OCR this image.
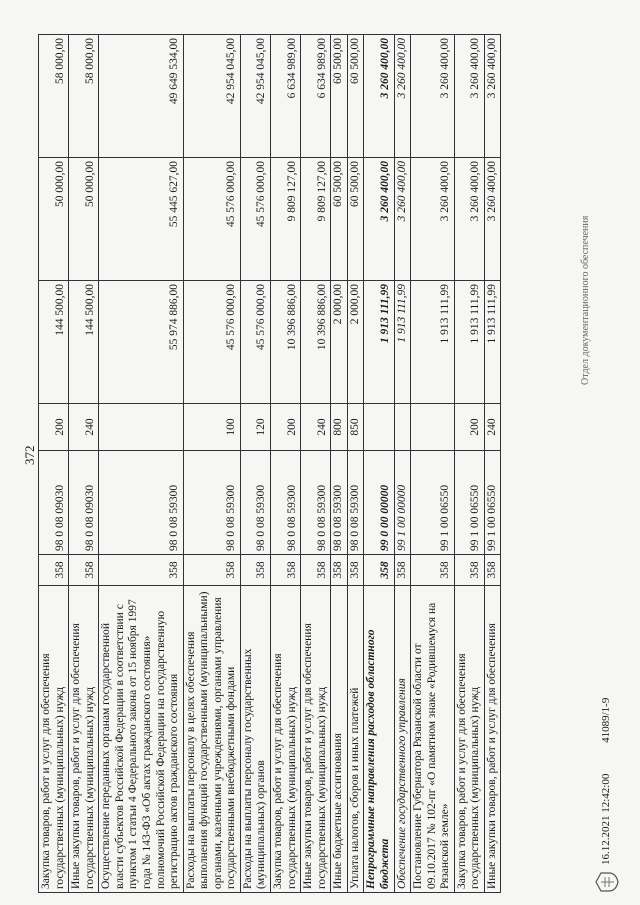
372
Закупка товаров, работ и услуг для обеспечения государственных (муниципальных) нужд	358	98 0 08 09030	200	144 500,00	50 000,00	58 000,00
Иные закупки товаров, работ и услуг для обеспечения государственных (муниципальных) нужд	358	98 0 08 09030	240	144 500,00	50 000,00	58 000,00
Осуществление переданных органам государственной власти субъектов Российской Федерации в соответствии с пунктом 1 статьи 4 Федерального закона от 15 ноября 1997 года № 143-ФЗ «Об актах гражданского состояния» полномочий Российской Федерации на государственную регистрацию актов гражданского состояния	358	98 0 08 59300		55 974 886,00	55 445 627,00	49 649 534,00
Расходы на выплаты персоналу в целях обеспечения выполнения функций государственными (муниципальными) органами, казенными учреждениями, органами управления государственными внебюджетными фондами	358	98 0 08 59300	100	45 576 000,00	45 576 000,00	42 954 045,00
Расходы на выплаты персоналу государственных (муниципальных) органов	358	98 0 08 59300	120	45 576 000,00	45 576 000,00	42 954 045,00
Закупка товаров, работ и услуг для обеспечения государственных (муниципальных) нужд	358	98 0 08 59300	200	10 396 886,00	9 809 127,00	6 634 989,00
Иные закупки товаров, работ и услуг для обеспечения государственных (муниципальных) нужд	358	98 0 08 59300	240	10 396 886,00	9 809 127,00	6 634 989,00
Иные бюджетные ассигнования	358	98 0 08 59300	800	2 000,00	60 500,00	60 500,00
Уплата налогов, сборов и иных платежей	358	98 0 08 59300	850	2 000,00	60 500,00	60 500,00
Непрограммные направления расходов областного бюджета	358	99 0 00 00000		1 913 111,99	3 260 400,00	3 260 400,00
Обеспечение государственного управления	358	99 1 00 00000		1 913 111,99	3 260 400,00	3 260 400,00
Постановление Губернатора Рязанской области от 09.10.2017 № 102-пг «О памятном знаке «Родившемуся на Рязанской земле»	358	99 1 00 06550		1 913 111,99	3 260 400,00	3 260 400,00
Закупка товаров, работ и услуг для обеспечения государственных (муниципальных) нужд	358	99 1 00 06550	200	1 913 111,99	3 260 400,00	3 260 400,00
Иные закупки товаров, работ и услуг для обеспечения	358	99 1 00 06550	240	1 913 111,99	3 260 400,00	3 260 400,00
16.12.2021 12:42:00 41089/1-9
Отдел документационного обеспечения
